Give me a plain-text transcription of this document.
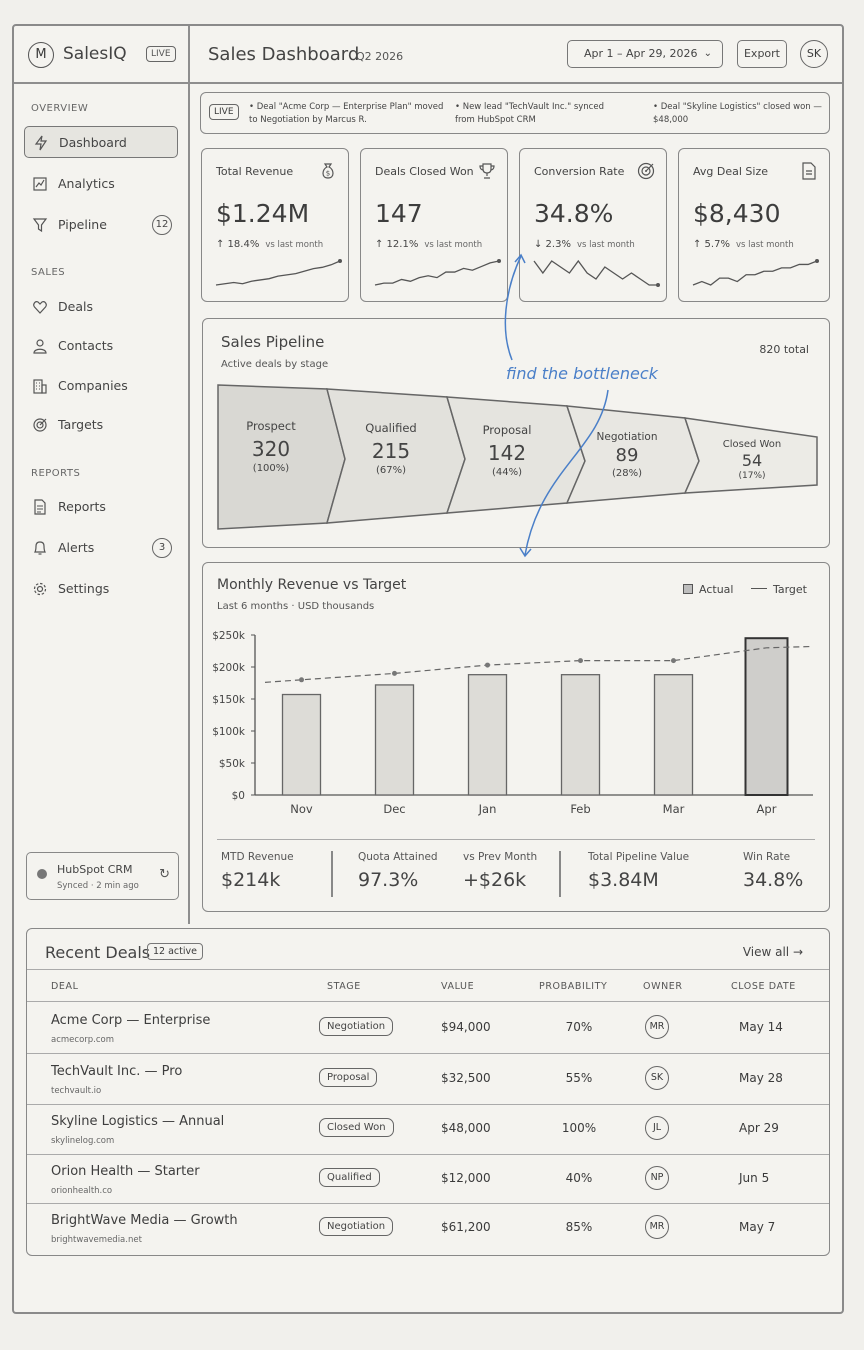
M SalesIQ	LIVE Sales Dashboard
Q2 2026	Apr 1 – Apr 29, 2026 ⌄	Export	SK
OVERVIEW
Dashboard
Analytics
Pipeline	12
SALES
Deals
Contacts
Companies
Targets
REPORTS
Reports
Alerts	3
Settings
HubSpot CRM
Synced · 2 min ago
↻
LIVE	• Deal "Acme Corp — Enterprise Plan" moved to Negotiation by Marcus R.
• New lead "TechVault Inc." synced from HubSpot CRM
• Deal "Skyline Logistics" closed won — $48,000
Total Revenue	$
$1.24M
↑ 18.4% vs last month
Deals Closed Won
147
↑ 12.1% vs last month
Conversion Rate
34.8%
↓ 2.3% vs last month
Avg Deal Size
$8,430
↑ 5.7% vs last month
Sales Pipeline
Active deals by stage
820 total
Prospect
320
(100%)
Qualified
215
(67%)
Proposal
142
(44%)
Negotiation
89
(28%)
Closed Won
54
(17%)
Monthly Revenue vs Target
Last 6 months · USD thousands
Actual	Target
$0
$50k
$100k
$150k
$200k
$250k
Nov	Dec	Jan	Feb	Mar	Apr
MTD Revenue
$214k
Quota Attained
97.3%
vs Prev Month
+$26k
Total Pipeline Value
$3.84M
Win Rate
34.8%
find the bottleneck
Recent Deals 12 active	View all →
DEAL	STAGE	VALUE	PROBABILITY	OWNER	CLOSE DATE
Acme Corp — Enterprise
acmecorp.com
Negotiation	$94,000	70%	MR	May 14
TechVault Inc. — Pro
techvault.io
Proposal	$32,500	55%	SK	May 28
Skyline Logistics — Annual
skylinelog.com
Closed Won	$48,000	100%	JL	Apr 29
Orion Health — Starter
orionhealth.co
Qualified	$12,000	40%	NP	Jun 5
BrightWave Media — Growth
brightwavemedia.net
Negotiation	$61,200	85%	MR	May 7
